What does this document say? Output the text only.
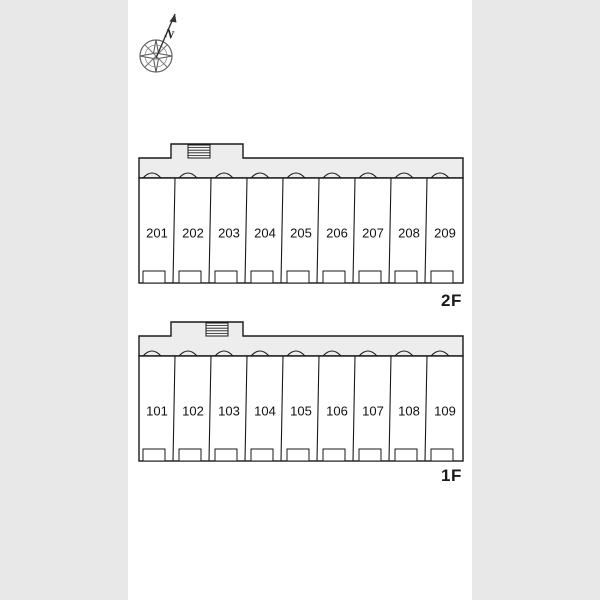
N
201 202 203 204 205 206 207 208 209
2F
101 102 103 104 105 106 107 108 109
1F
